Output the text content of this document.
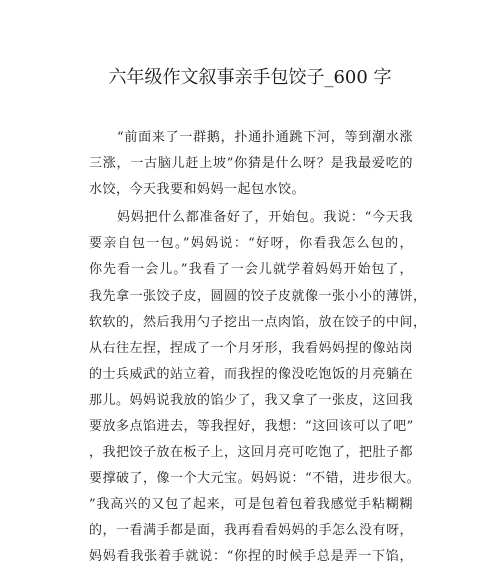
六年级作文叙事亲手包饺子_600 字
“前面来了一群鹅，扑通扑通跳下河，等到潮水涨
三涨，一古脑儿赶上坡”你猜是什么呀？是我最爱吃的
水饺，今天我要和妈妈一起包水饺。
妈妈把什么都准备好了，开始包。我说：“今天我
要亲自包一包。”妈妈说：“好呀，你看我怎么包的，
你先看一会儿。”我看了一会儿就学着妈妈开始包了，
我先拿一张饺子皮，圆圆的饺子皮就像一张小小的薄饼，
软软的，然后我用勺子挖出一点肉馅，放在饺子的中间，
从右往左捏，捏成了一个月牙形，我看妈妈捏的像站岗
的士兵威武的站立着，而我捏的像没吃饱饭的月亮躺在
那儿。妈妈说我放的馅少了，我又拿了一张皮，这回我
要放多点馅进去，等我捏好，我想：“这回该可以了吧”
，我把饺子放在板子上，这回月亮可吃饱了，把肚子都
要撑破了，像一个大元宝。妈妈说：“不错，进步很大。
”我高兴的又包了起来，可是包着包着我感觉手粘糊糊
的，一看满手都是面，我再看看妈妈的手怎么没有呀，
妈妈看我张着手就说：“你捏的时候手总是弄一下馅，
